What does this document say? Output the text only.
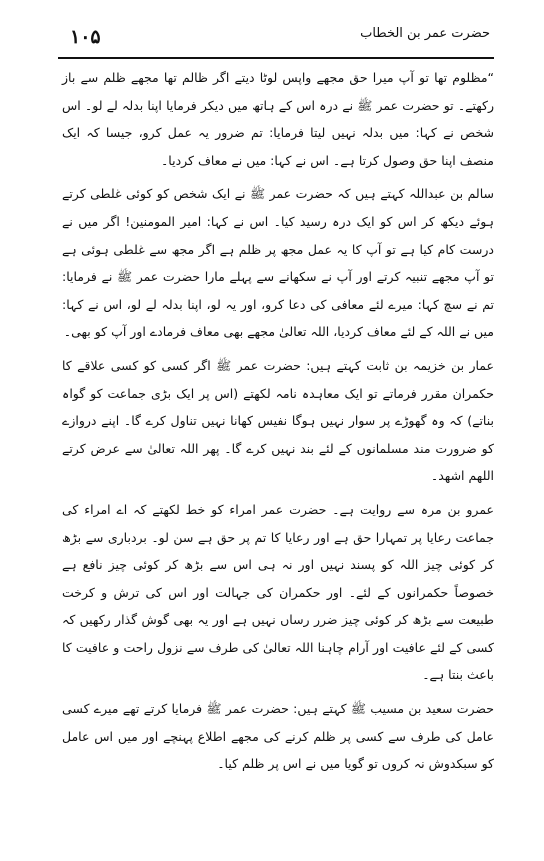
۱۰۵	حضرت عمر بن الخطاب

“مظلوم تھا تو آپ میرا حق مجھے واپس لوٹا دیتے اگر ظالم تھا مجھے ظلم سے باز رکھتے۔ تو حضرت عمر ﷺ نے درہ اس کے ہاتھ میں دیکر فرمایا اپنا بدلہ لے لو۔ اس شخص نے کہا: میں بدلہ نہیں لیتا فرمایا: تم ضرور یہ عمل کرو، جیسا کہ ایک منصف اپنا حق وصول کرتا ہے۔ اس نے کہا: میں نے معاف کردیا۔

سالم بن عبداللہ کہتے ہیں کہ حضرت عمر ﷺ نے ایک شخص کو کوئی غلطی کرتے ہوئے دیکھ کر اس کو ایک درہ رسید کیا۔ اس نے کہا: امیر المومنین! اگر میں نے درست کام کیا ہے تو آپ کا یہ عمل مجھ پر ظلم ہے اگر مجھ سے غلطی ہوئی ہے تو آپ مجھے تنبیہ کرتے اور آپ نے سکھانے سے پہلے مارا حضرت عمر ﷺ نے فرمایا: تم نے سچ کہا: میرے لئے معافی کی دعا کرو، اور یہ لو، اپنا بدلہ لے لو، اس نے کہا: میں نے اللہ کے لئے معاف کردیا، اللہ تعالیٰ مجھے بھی معاف فرمادے اور آپ کو بھی۔

عمار بن خزیمہ بن ثابت کہتے ہیں: حضرت عمر ﷺ اگر کسی کو کسی علاقے کا حکمران مقرر فرماتے تو ایک معاہدہ نامہ لکھتے (اس پر ایک بڑی جماعت کو گواہ بناتے) کہ وہ گھوڑے پر سوار نہیں ہوگا نفیس کھانا نہیں تناول کرے گا۔ اپنے دروازے کو ضرورت مند مسلمانوں کے لئے بند نہیں کرے گا۔ پھر اللہ تعالیٰ سے عرض کرتے اللهم اشهد۔

عمرو بن مرہ سے روایت ہے۔ حضرت عمر امراء کو خط لکھتے کہ اے امراء کی جماعت رعایا پر تمہارا حق ہے اور رعایا کا تم پر حق ہے سن لو۔ بردباری سے بڑھ کر کوئی چیز اللہ کو پسند نہیں اور نہ ہی اس سے بڑھ کر کوئی چیز نافع ہے خصوصاً حکمرانوں کے لئے۔ اور حکمران کی جہالت اور اس کی ترش و کرخت طبیعت سے بڑھ کر کوئی چیز ضرر رساں نہیں ہے اور یہ بھی گوش گذار رکھیں کہ کسی کے لئے عافیت اور آرام چاہنا اللہ تعالیٰ کی طرف سے نزول راحت و عافیت کا باعث بنتا ہے۔

حضرت سعید بن مسیب ﷺ کہتے ہیں: حضرت عمر ﷺ فرمایا کرتے تھے میرے کسی عامل کی طرف سے کسی پر ظلم کرنے کی مجھے اطلاع پہنچے اور میں اس عامل کو سبکدوش نہ کروں تو گویا میں نے اس پر ظلم کیا۔
